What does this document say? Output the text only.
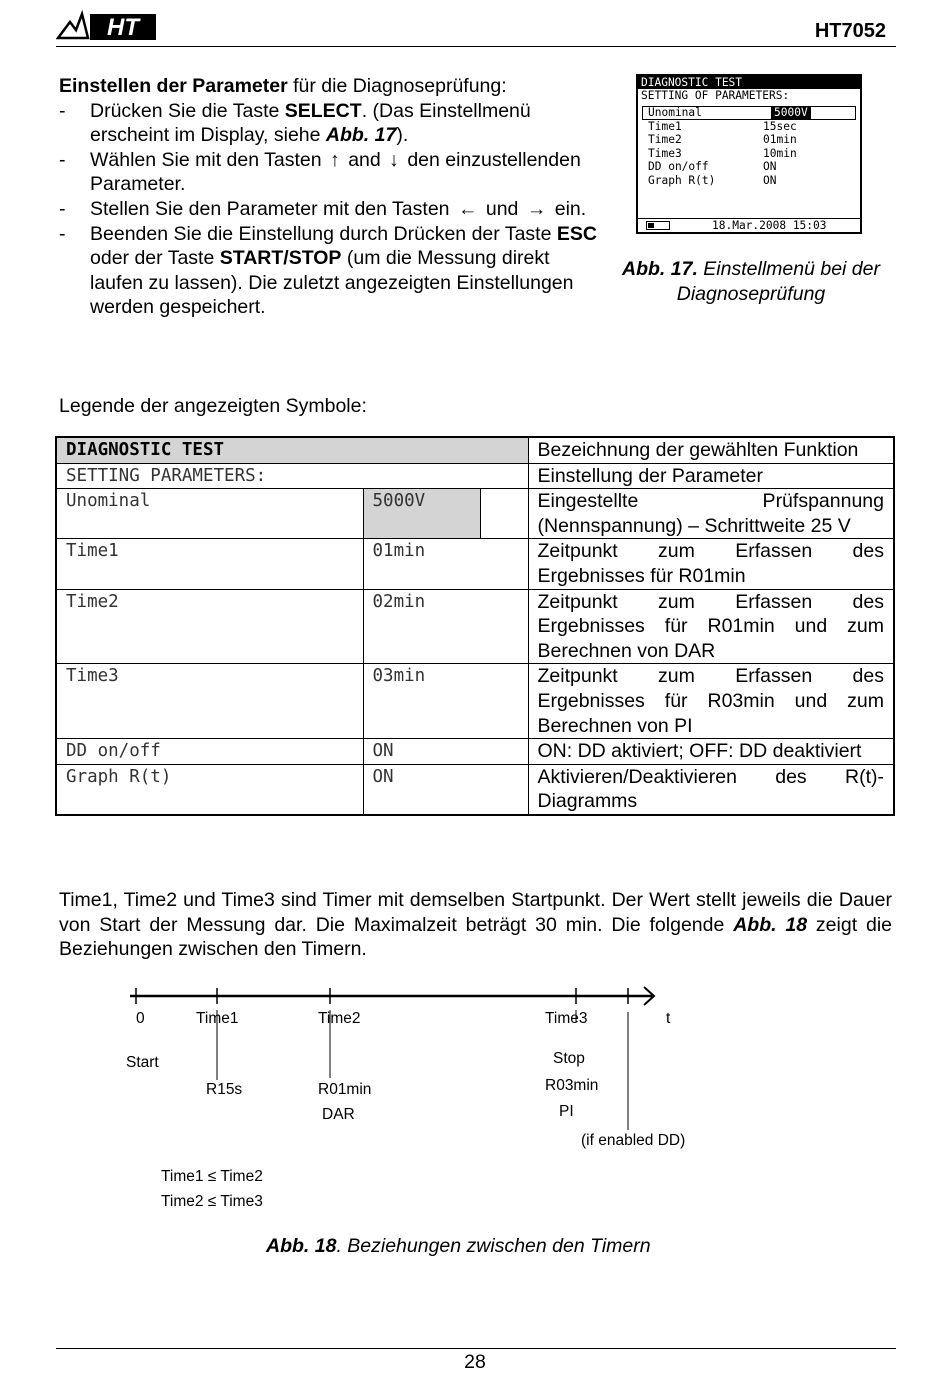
HT	HT7052

Einstellen der Parameter für die Diagnoseprüfung:

- Drücken Sie die Taste SELECT. (Das Einstellmenü erscheint im Display, siehe Abb. 17).

- Wählen Sie mit den Tasten ↑ and ↓ den einzustellenden Parameter.

- Stellen Sie den Parameter mit den Tasten ← und → ein.

- Beenden Sie die Einstellung durch Drücken der Taste ESC oder der Taste START/STOP (um die Messung direkt laufen zu lassen). Die zuletzt angezeigten Einstellungen werden gespeichert.

DIAGNOSTIC TEST
SETTING OF PARAMETERS:
Unominal	5000V
Time1	15sec
Time2	01min
Time3	10min
DD on/off	ON
Graph R(t)	ON
18.Mar.2008 15:03
Abb. 17. Einstellmenü bei der Diagnoseprüfung
Legende der angezeigten Symbole:
DIAGNOSTIC TEST			Bezeichnung der gewählten Funktion
SETTING PARAMETERS:			Einstellung der Parameter
Unominal	5000V		Eingestellte Prüfspannung (Nennspannung) – Schrittweite 25 V
Time1	01min		Zeitpunkt zum Erfassen des Ergebnisses für R01min
Time2	02min		Zeitpunkt zum Erfassen des Ergebnisses für R01min und zum Berechnen von DAR
Time3	03min		Zeitpunkt zum Erfassen des Ergebnisses für R03min und zum Berechnen von PI
DD on/off	ON		ON: DD aktiviert; OFF: DD deaktiviert
Graph R(t)	ON		Aktivieren/Deaktivieren des R(t)-Diagramms
Time1, Time2 und Time3 sind Timer mit demselben Startpunkt. Der Wert stellt jeweils die Dauer von Start der Messung dar. Die Maximalzeit beträgt 30 min. Die folgende Abb. 18 zeigt die Beziehungen zwischen den Timern.
0	Time1	Time2	Time3	t
Start
R15s	R01min
DAR
Stop
R03min
PI
(if enabled DD)
Time1 ≤ Time2
Time2 ≤ Time3
Abb. 18. Beziehungen zwischen den Timern
28
